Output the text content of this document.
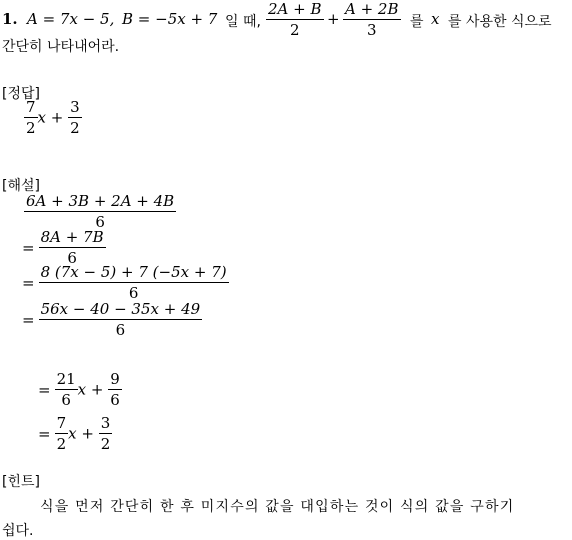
1. A = 7x − 5, B = −5x + 7 일 때, $\frac{2A + B}{2} + \frac{A + 2B}{3}$ 를 x 를 사용한 식으로
간단히 나타내어라.
[정답]
$\frac{7}{2}$ $x + \frac{3}{2}$
[해설]
$\frac{6A + 3B + 2A + 4B}{6}$
= $\frac{8A + 7B}{6}$
= $\frac{8 (7x - 5) + 7 (-5x + 7)}{6}$
= $\frac{56x - 40 - 35x + 49}{6}$
= $\frac{21}{6}$ $x + \frac{9}{6}$
= $\frac{7}{2}$ $x + \frac{3}{2}$
[힌트]
식을 먼저 간단히 한 후 미지수의 값을 대입하는 것이 식의 값을 구하기
쉽다.
